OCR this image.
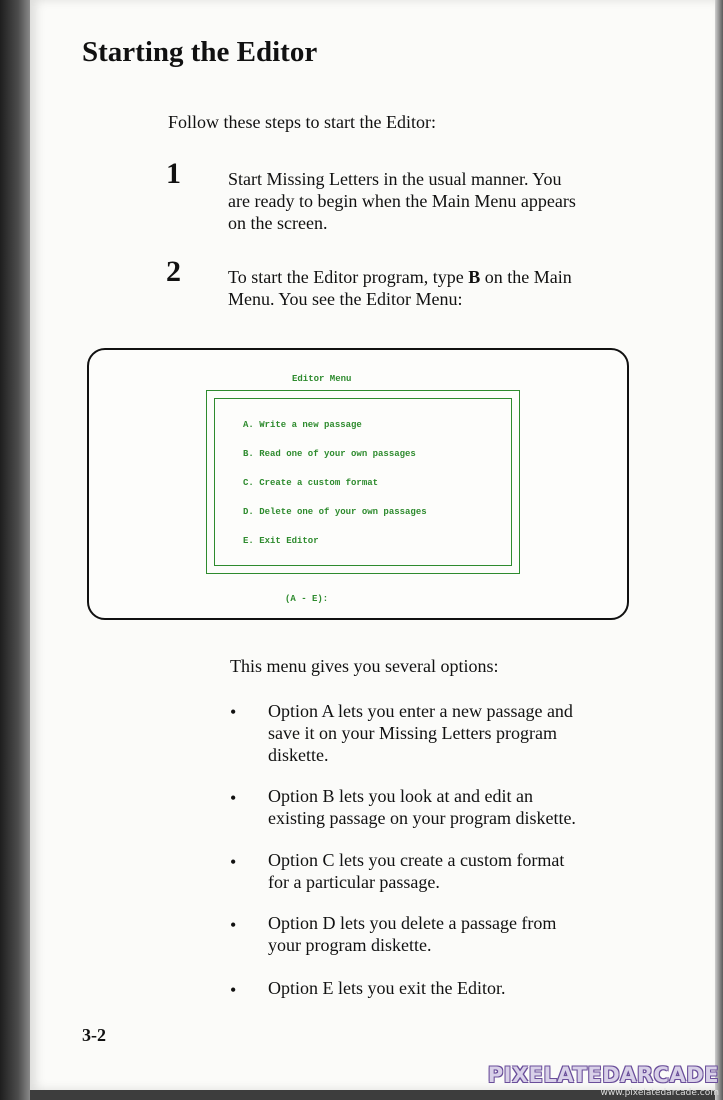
Starting the Editor
Follow these steps to start the Editor:
1	Start Missing Letters in the usual manner. You
are ready to begin when the Main Menu appears
on the screen.
2	To start the Editor program, type B on the Main
Menu. You see the Editor Menu:
Editor Menu
A. Write a new passage
B. Read one of your own passages
C. Create a custom format
D. Delete one of your own passages
E. Exit Editor
(A - E):
This menu gives you several options:
• Option A lets you enter a new passage and
save it on your Missing Letters program
diskette.
• Option B lets you look at and edit an
existing passage on your program diskette.
• Option C lets you create a custom format
for a particular passage.
• Option D lets you delete a passage from
your program diskette.
• Option E lets you exit the Editor.
3-2
PIXELATEDARCADE
www.pixelatedarcade.com
